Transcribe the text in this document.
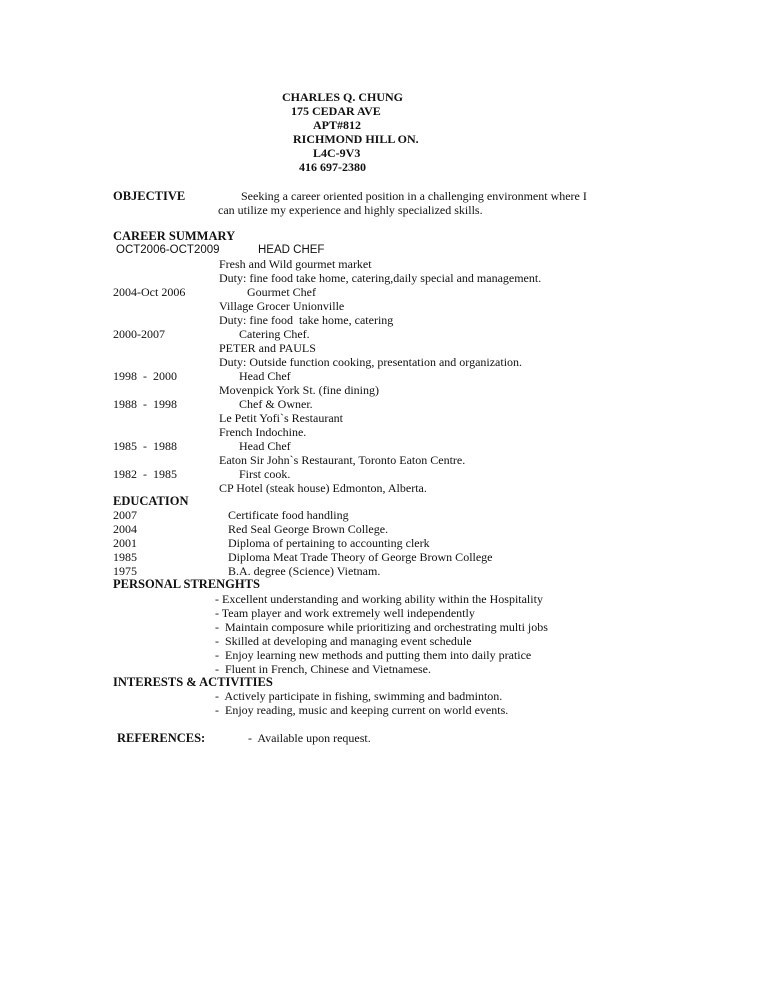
CHARLES Q. CHUNG
175 CEDAR AVE
APT#812
RICHMOND HILL ON.
L4C-9V3
416 697-2380
OBJECTIVE	Seeking a career oriented position in a challenging environment where I
can utilize my experience and highly specialized skills.
CAREER SUMMARY
OCT2006-OCT2009	HEAD CHEF
Fresh and Wild gourmet market
Duty: fine food take home, catering,daily special and management.
2004-Oct 2006	Gourmet Chef
Village Grocer Unionville
Duty: fine food  take home, catering
2000-2007	Catering Chef.
PETER and PAULS
Duty: Outside function cooking, presentation and organization.
1998  -  2000	Head Chef
Movenpick York St. (fine dining)
1988  -  1998	Chef & Owner.
Le Petit Yofi`s Restaurant
French Indochine.
1985  -  1988	Head Chef
Eaton Sir John`s Restaurant, Toronto Eaton Centre.
1982  -  1985	First cook.
CP Hotel (steak house) Edmonton, Alberta.
EDUCATION
2007	Certificate food handling
2004	Red Seal George Brown College.
2001	Diploma of pertaining to accounting clerk
1985	Diploma Meat Trade Theory of George Brown College
1975	B.A. degree (Science) Vietnam.
PERSONAL STRENGHTS
- Excellent understanding and working ability within the Hospitality
- Team player and work extremely well independently
-  Maintain composure while prioritizing and orchestrating multi jobs
-  Skilled at developing and managing event schedule
-  Enjoy learning new methods and putting them into daily pratice
-  Fluent in French, Chinese and Vietnamese.
INTERESTS & ACTIVITIES
-  Actively participate in fishing, swimming and badminton.
-  Enjoy reading, music and keeping current on world events.
REFERENCES:	-  Available upon request.
